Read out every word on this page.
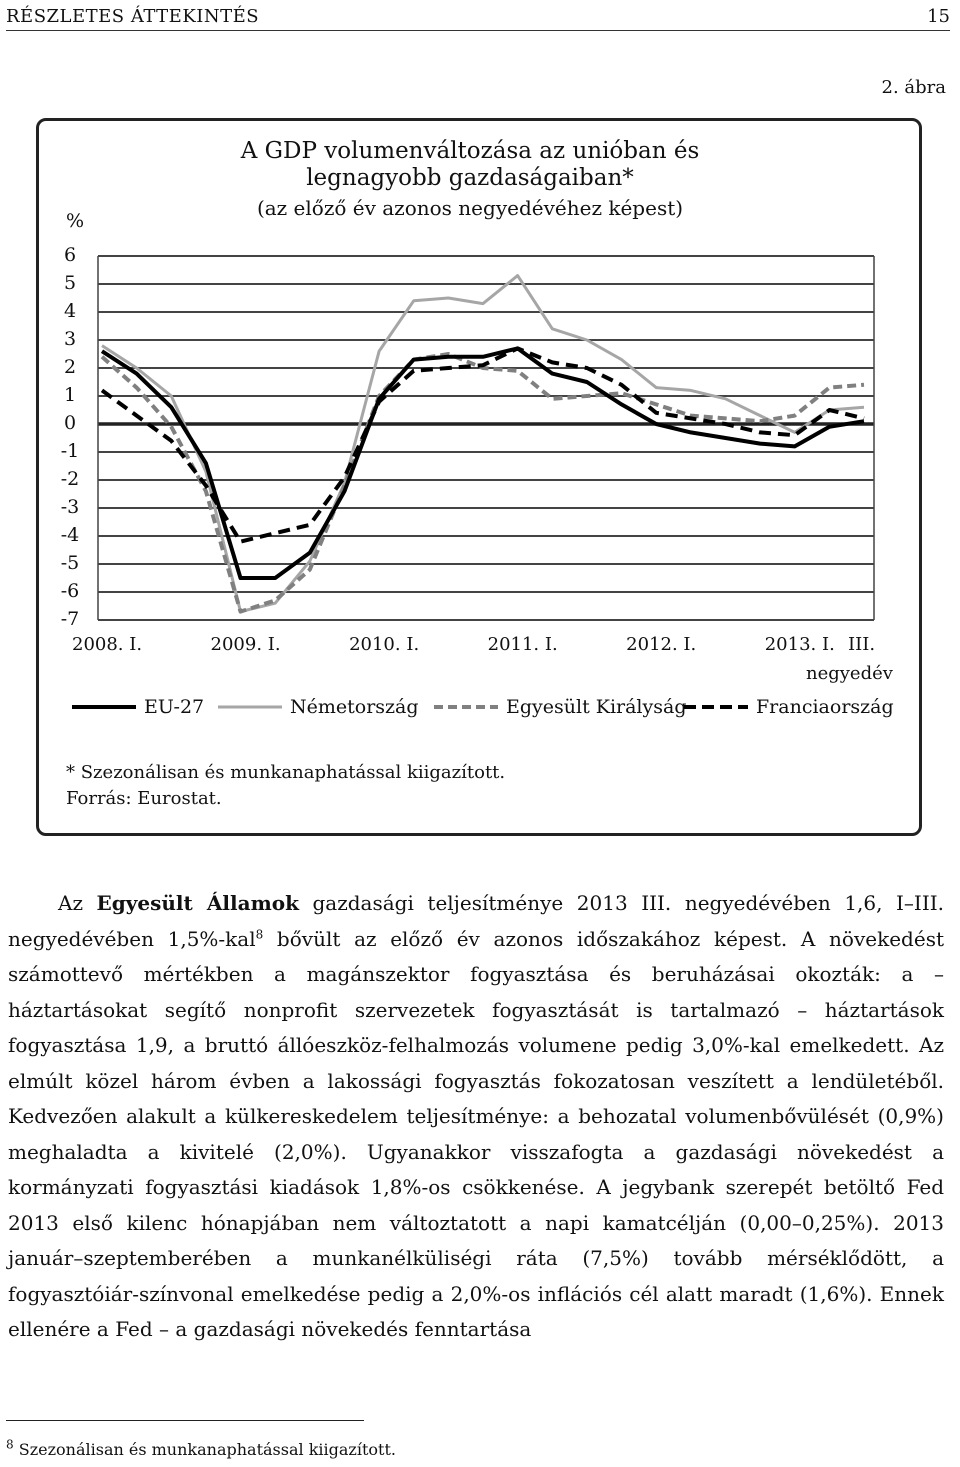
RÉSZLETES ÁTTEKINTÉS	15
2. ábra
A GDP volumenváltozása az unióban és legnagyobb gazdaságaiban*
(az előző év azonos negyedévéhez képest)
%
6
5
4
3
2
1
0
-1
-2
-3
-4
-5
-6
-7
2008. I.	2009. I.	2010. I.	2011. I.	2012. I.	2013. I. III.
negyedév
EU-27	Németország	Egyesült Királyság	Franciaország
* Szezonálisan és munkanaphatással kiigazított.
Forrás: Eurostat.

Az Egyesült Államok gazdasági teljesítménye 2013 III. negyedévében 1,6, I–III. negyedévében 1,5%-kal$^8$ bővült az előző év azonos időszakához képest. A növekedést számottevő mértékben a magánszektor fogyasztása és beruházásai okozták: a – háztartásokat segítő nonprofit szervezetek fogyasztását is tartalmazó – háztartások fogyasztása 1,9, a bruttó állóeszköz-felhalmozás volumene pedig 3,0%-kal emelkedett. Az elmúlt közel három évben a lakossági fogyasztás fokozatosan veszített a lendületéből. Kedvezően alakult a külkereskedelem teljesítménye: a behozatal volumenbővülését (0,9%) meghaladta a kivitelé (2,0%). Ugyanakkor visszafogta a gazdasági növekedést a kormányzati fogyasztási kiadások 1,8%-os csökkenése. A jegybank szerepét betöltő Fed 2013 első kilenc hónapjában nem változtatott a napi kamatcélján (0,00–0,25%). 2013 január–szeptemberében a munkanélküliségi ráta (7,5%) tovább mérséklődött, a fogyasztóiár-színvonal emelkedése pedig a 2,0%-os inflációs cél alatt maradt (1,6%). Ennek ellenére a Fed – a gazdasági növekedés fenntartása

$^8$ Szezonálisan és munkanaphatással kiigazított.
